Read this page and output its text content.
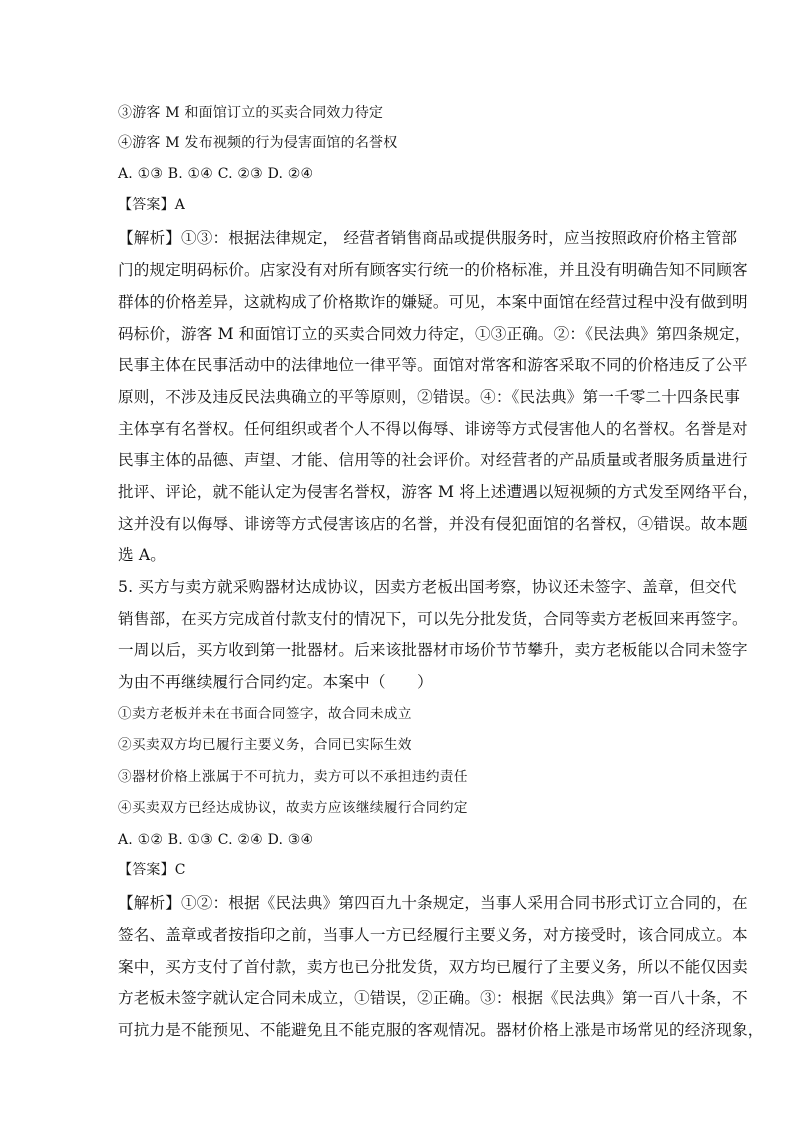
③游客 M 和面馆订立的买卖合同效力待定
④游客 M 发布视频的行为侵害面馆的名誉权
A. ①③ B. ①④ C. ②③ D. ②④
【答案】A
【解析】①③：根据法律规定， 经营者销售商品或提供服务时，应当按照政府价格主管部
门的规定明码标价。店家没有对所有顾客实行统一的价格标准，并且没有明确告知不同顾客
群体的价格差异，这就构成了价格欺诈的嫌疑。可见，本案中面馆在经营过程中没有做到明
码标价，游客 M 和面馆订立的买卖合同效力待定，①③正确。②：《民法典》第四条规定，
民事主体在民事活动中的法律地位一律平等。面馆对常客和游客采取不同的价格违反了公平
原则，不涉及违反民法典确立的平等原则，②错误。④：《民法典》第一千零二十四条民事
主体享有名誉权。任何组织或者个人不得以侮辱、诽谤等方式侵害他人的名誉权。名誉是对
民事主体的品德、声望、才能、信用等的社会评价。对经营者的产品质量或者服务质量进行
批评、评论，就不能认定为侵害名誉权，游客 M 将上述遭遇以短视频的方式发至网络平台，
这并没有以侮辱、诽谤等方式侵害该店的名誉，并没有侵犯面馆的名誉权，④错误。故本题
选 A。
5. 买方与卖方就采购器材达成协议，因卖方老板出国考察，协议还未签字、盖章，但交代
销售部，在买方完成首付款支付的情况下，可以先分批发货，合同等卖方老板回来再签字。
一周以后，买方收到第一批器材。后来该批器材市场价节节攀升，卖方老板能以合同未签字
为由不再继续履行合同约定。本案中（　　）
①卖方老板并未在书面合同签字，故合同未成立
②买卖双方均已履行主要义务，合同已实际生效
③器材价格上涨属于不可抗力，卖方可以不承担违约责任
④买卖双方已经达成协议，故卖方应该继续履行合同约定
A. ①② B. ①③ C. ②④ D. ③④
【答案】C
【解析】①②：根据《民法典》第四百九十条规定，当事人采用合同书形式订立合同的，在
签名、盖章或者按指印之前，当事人一方已经履行主要义务，对方接受时，该合同成立。本
案中，买方支付了首付款，卖方也已分批发货，双方均已履行了主要义务，所以不能仅因卖
方老板未签字就认定合同未成立，①错误，②正确。③：根据《民法典》第一百八十条，不
可抗力是不能预见、不能避免且不能克服的客观情况。器材价格上涨是市场常见的经济现象，
